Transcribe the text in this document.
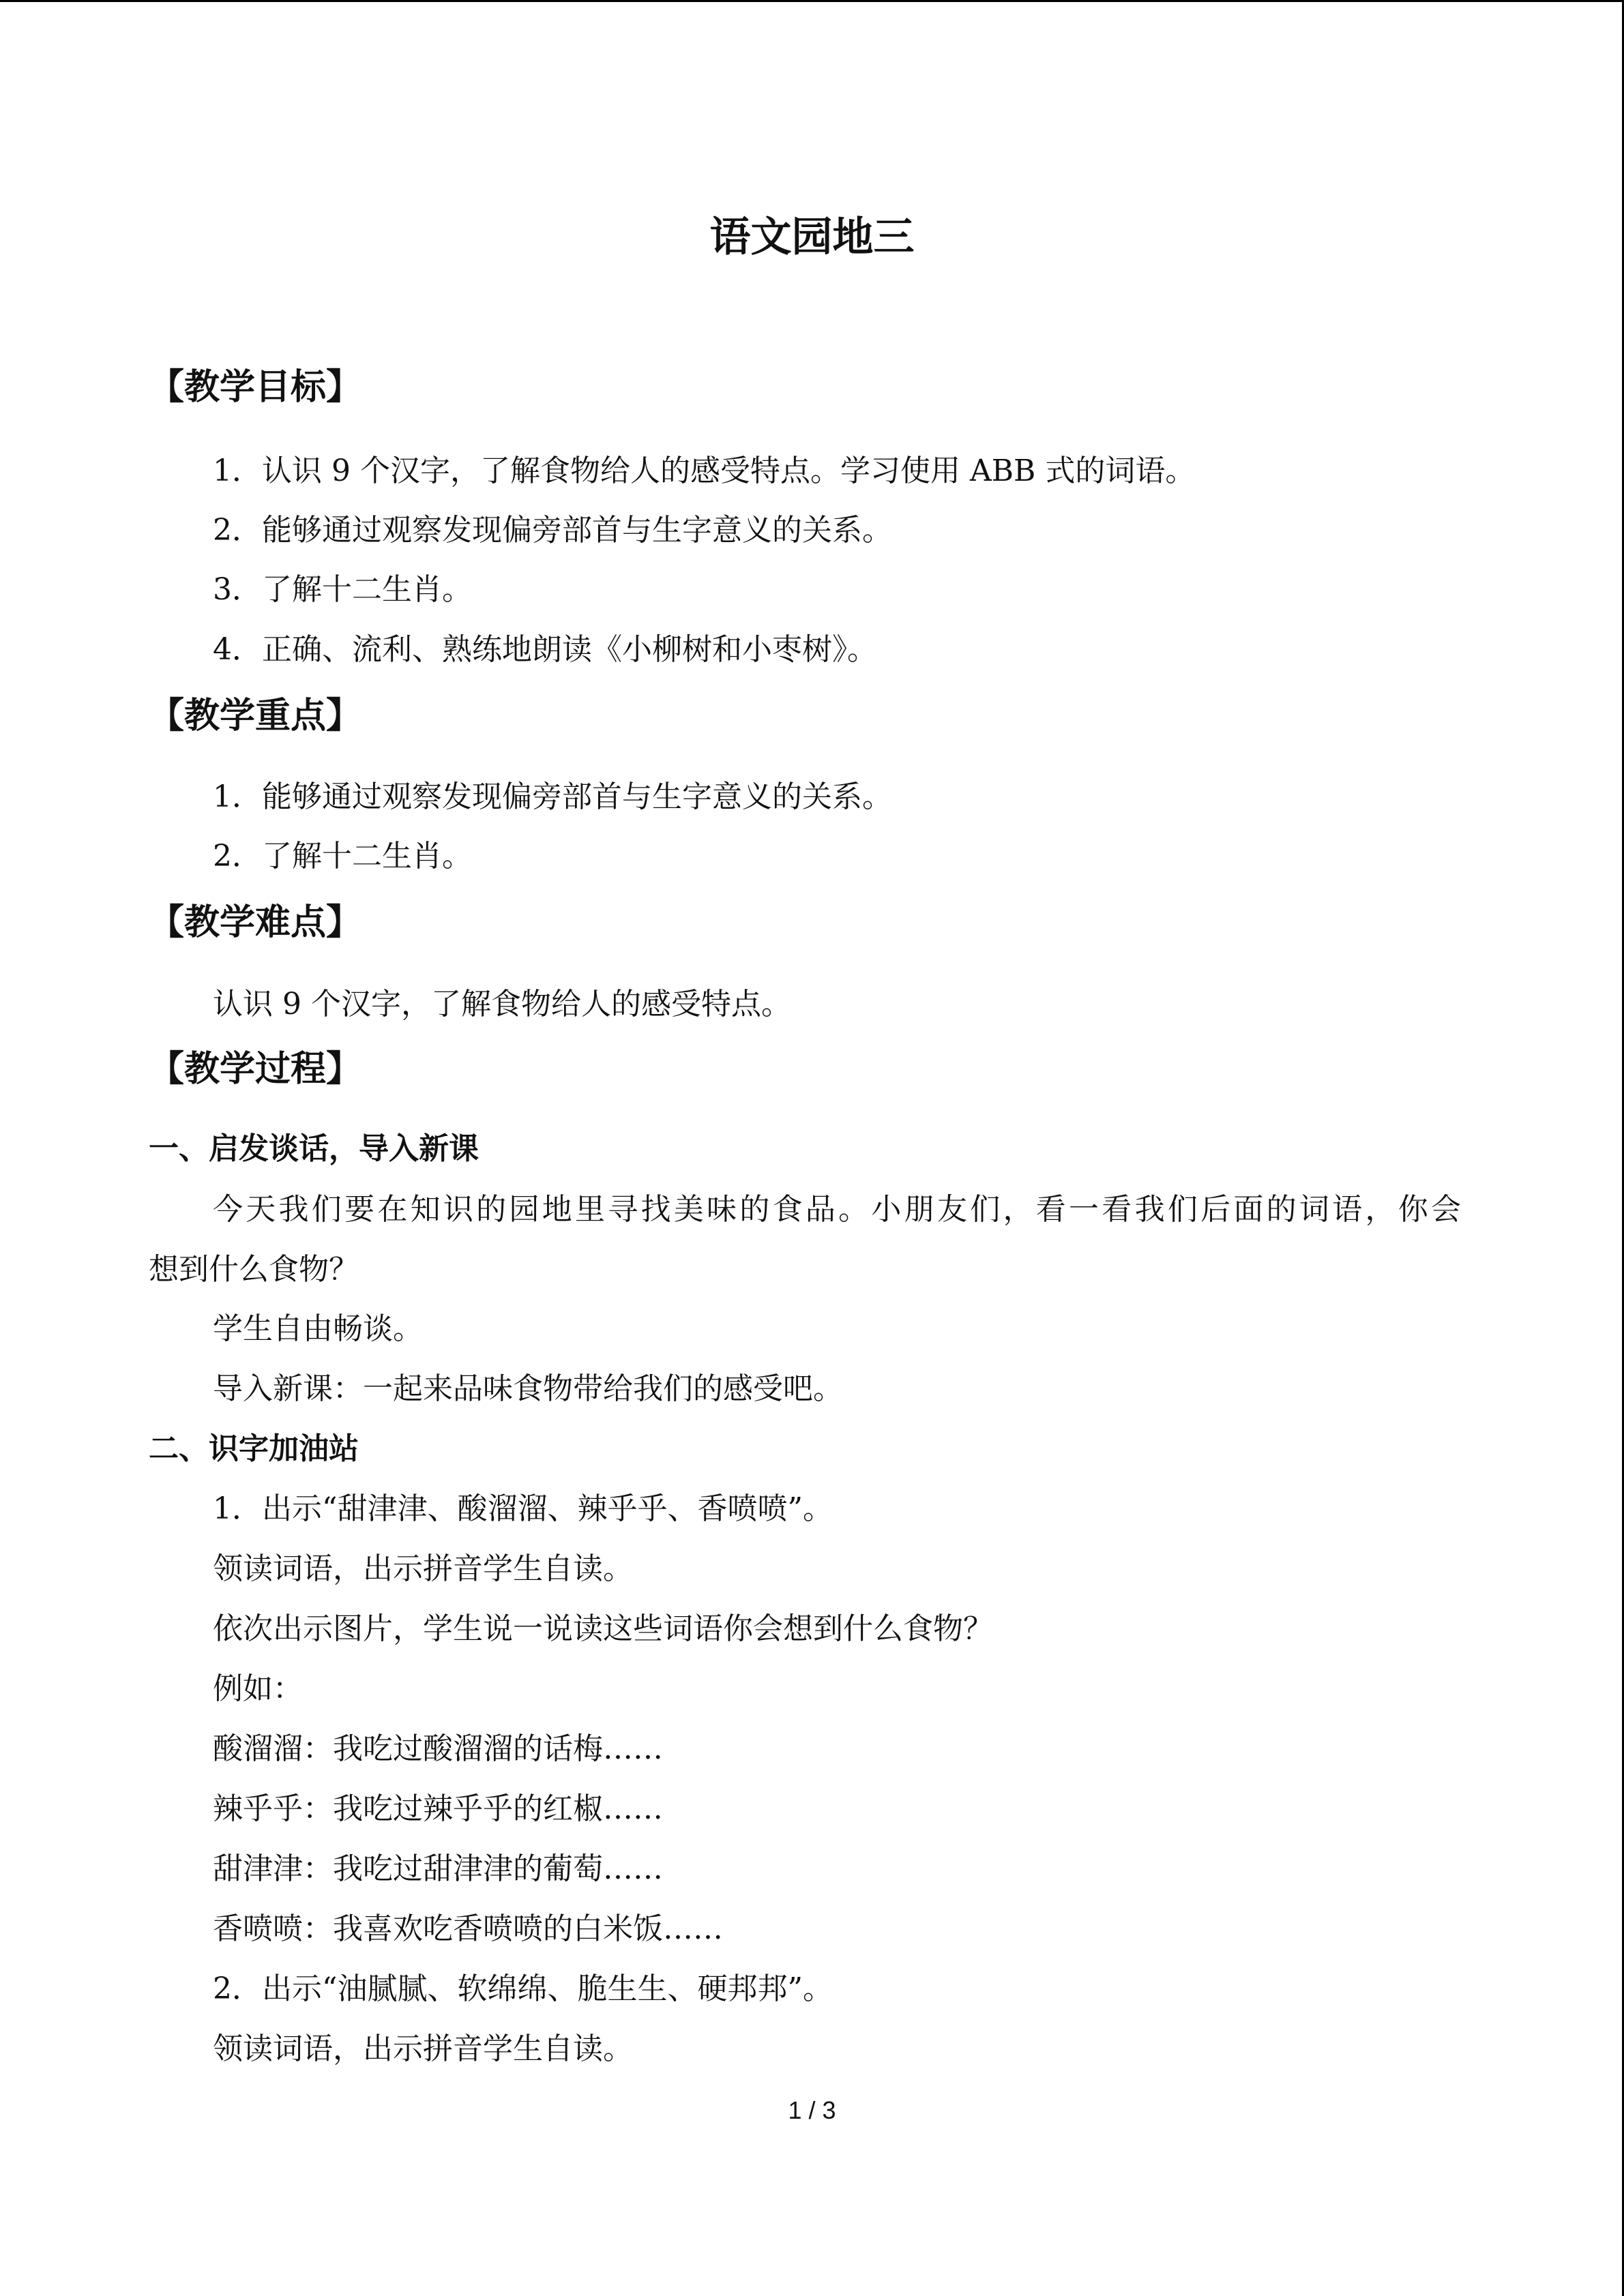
语文园地三
【教学目标】
1．认识 9 个汉字，了解食物给人的感受特点。学习使用 ABB 式的词语。
2．能够通过观察发现偏旁部首与生字意义的关系。
3．了解十二生肖。
4．正确、流利、熟练地朗读《小柳树和小枣树》。
【教学重点】
1．能够通过观察发现偏旁部首与生字意义的关系。
2．了解十二生肖。
【教学难点】
认识 9 个汉字，了解食物给人的感受特点。
【教学过程】
一、启发谈话，导入新课
今天我们要在知识的园地里寻找美味的食品。小朋友们，看一看我们后面的词语，你会
想到什么食物？
学生自由畅谈。
导入新课：一起来品味食物带给我们的感受吧。
二、识字加油站
1．出示“甜津津、酸溜溜、辣乎乎、香喷喷”。
领读词语，出示拼音学生自读。
依次出示图片，学生说一说读这些词语你会想到什么食物？
例如：
酸溜溜：我吃过酸溜溜的话梅……
辣乎乎：我吃过辣乎乎的红椒……
甜津津：我吃过甜津津的葡萄……
香喷喷：我喜欢吃香喷喷的白米饭……
2．出示“油腻腻、软绵绵、脆生生、硬邦邦”。
领读词语，出示拼音学生自读。
1 / 3
